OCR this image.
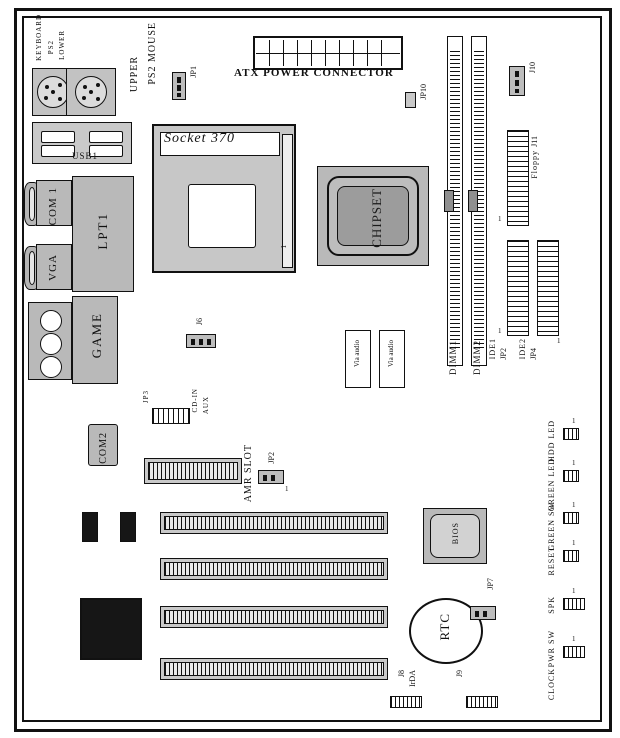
KEYBOARD PS2 LOWER
UPPER PS2 MOUSE	JP1
USB1
COM 1
VGA
LPT1
GAME
ATX POWER CONNECTOR
JP10
J10
Socket 370
1	CHIPSET
DIMM1 DIMM2
Floppy
J11
1
JP2
IDE1
1
JP4
IDE2	1
Via audio	Via audio
J6
JP3	CD-IN AUX
COM2	AMR SLOT JP2
1
BIOS
RTC
JP7
J8 IrDA	J9
HDD LED 1
GREEN LED 1
GREEN SW 1
RESET
1
SPK
1
PWR SW
CLOCK
1
